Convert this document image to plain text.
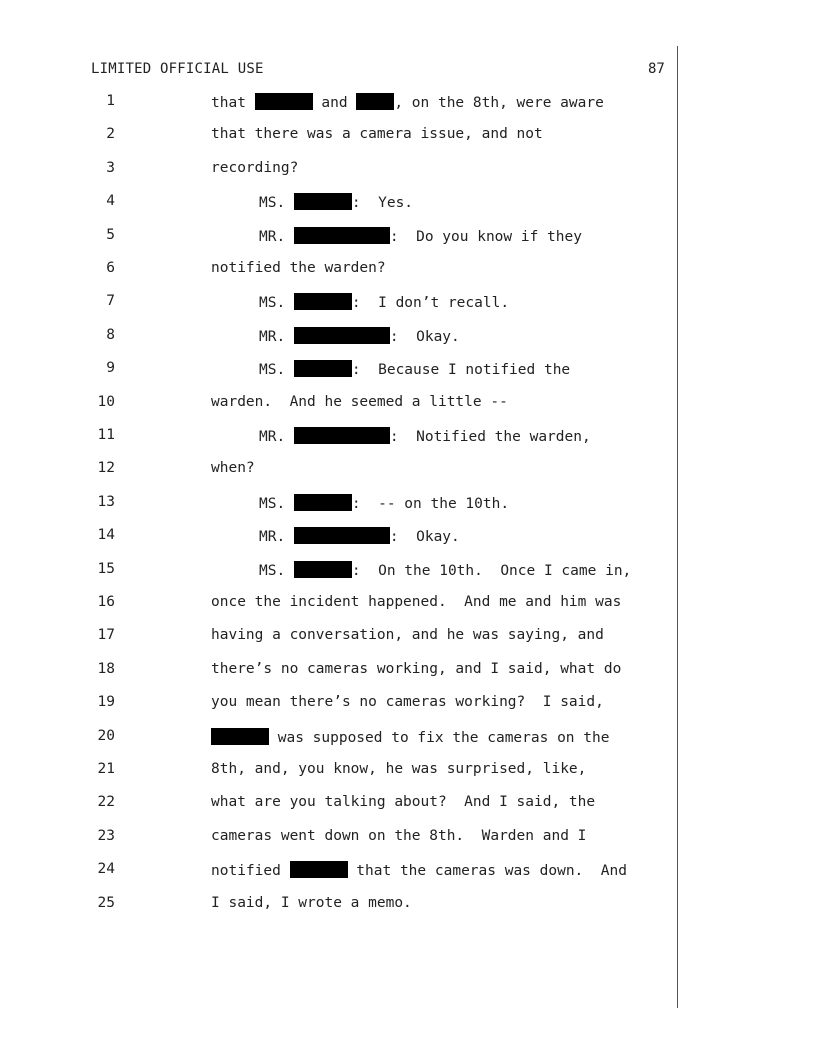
LIMITED OFFICIAL USE	87
1	that	and	, on the 8th, were aware
2	that there was a camera issue, and not
3	recording?
4	MS.	:  Yes.
5	MR.	:  Do you know if they
6	notified the warden?
7	MS.	:  I don’t recall.
8	MR.	:  Okay.
9	MS.	:  Because I notified the
10	warden.  And he seemed a little --
11	MR.	:  Notified the warden,
12	when?
13	MS.	:  -- on the 10th.
14	MR.	:  Okay.
15	MS.	:  On the 10th.  Once I came in,
16	once the incident happened.  And me and him was
17	having a conversation, and he was saying, and
18	there’s no cameras working, and I said, what do
19	you mean there’s no cameras working?  I said,
20	was supposed to fix the cameras on the
21	8th, and, you know, he was surprised, like,
22	what are you talking about?  And I said, the
23	cameras went down on the 8th.  Warden and I
24	notified	that the cameras was down.  And
25	I said, I wrote a memo.
